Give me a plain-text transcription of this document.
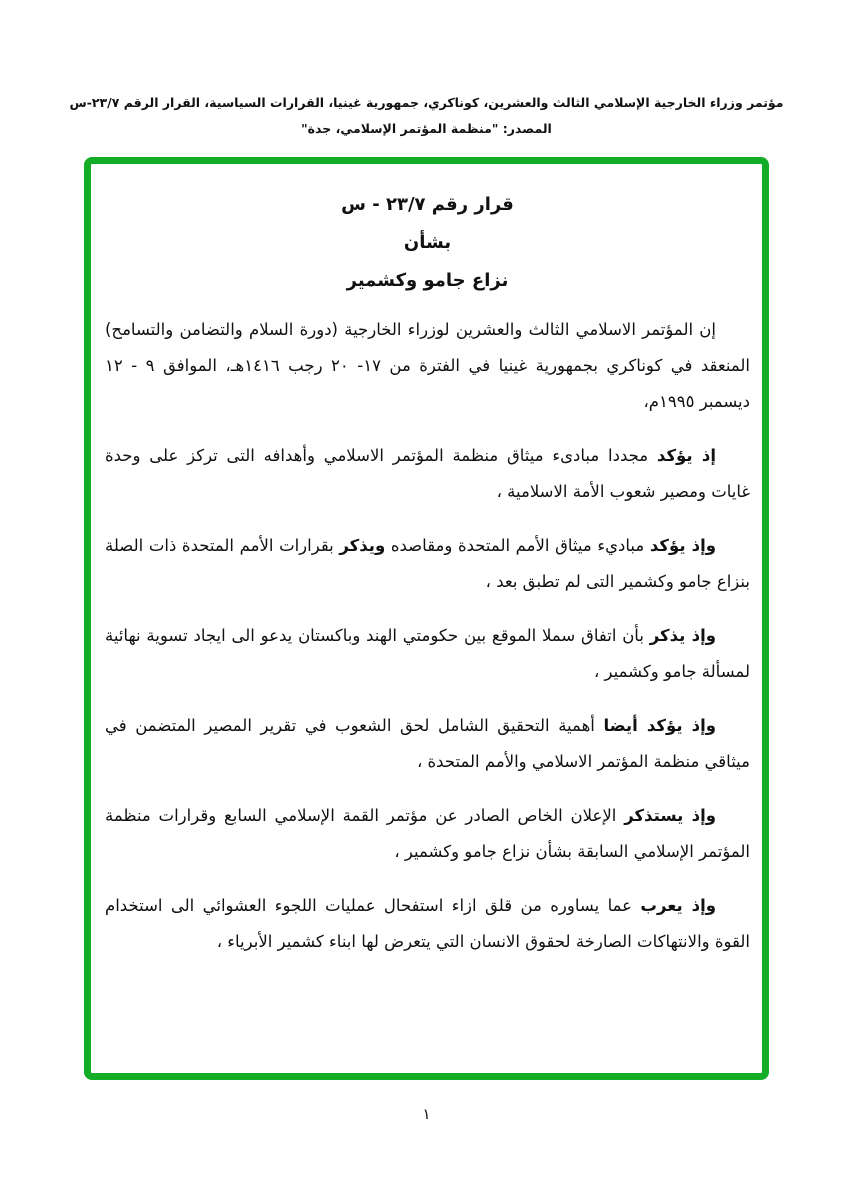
مؤتمر وزراء الخارجية الإسلامي الثالث والعشرين، كوناكري، جمهورية غينيا، القرارات السياسية، القرار الرقم ٢٣/٧-س
المصدر: "منظمة المؤتمر الإسلامي، جدة"
قرار رقم ٢٣/٧ - س
بشأن
نزاع جامو وكشمير

إن المؤتمر الاسلامي الثالث والعشرين لوزراء الخارجية (دورة السلام والتضامن والتسامح) المنعقد في كوناكري بجمهورية غينيا في الفترة من ١٧- ٢٠ رجب ١٤١٦هـ، الموافق ٩ - ١٢ ديسمبر ١٩٩٥م،

إذ يؤكد مجددا مبادىء ميثاق منظمة المؤتمر الاسلامي وأهدافه التى تركز على وحدة غايات ومصير شعوب الأمة الاسلامية ،

وإذ يؤكد مباديء ميثاق الأمم المتحدة ومقاصده ويذكر بقرارات الأمم المتحدة ذات الصلة بنزاع جامو وكشمير التى لم تطبق بعد ،

وإذ يذكر بأن اتفاق سملا الموقع بين حكومتي الهند وباكستان يدعو الى ايجاد تسوية نهائية لمسألة جامو وكشمير ،

وإذ يؤكد أيضا أهمية التحقيق الشامل لحق الشعوب في تقرير المصير المتضمن في ميثاقي منظمة المؤتمر الاسلامي والأمم المتحدة ،

وإذ يستذكر الإعلان الخاص الصادر عن مؤتمر القمة الإسلامي السابع وقرارات منظمة المؤتمر الإسلامي السابقة بشأن نزاع جامو وكشمير ،

وإذ يعرب عما يساوره من قلق ازاء استفحال عمليات اللجوء العشوائي الى استخدام القوة والانتهاكات الصارخة لحقوق الانسان التي يتعرض لها ابناء كشمير الأبرياء ،

١
